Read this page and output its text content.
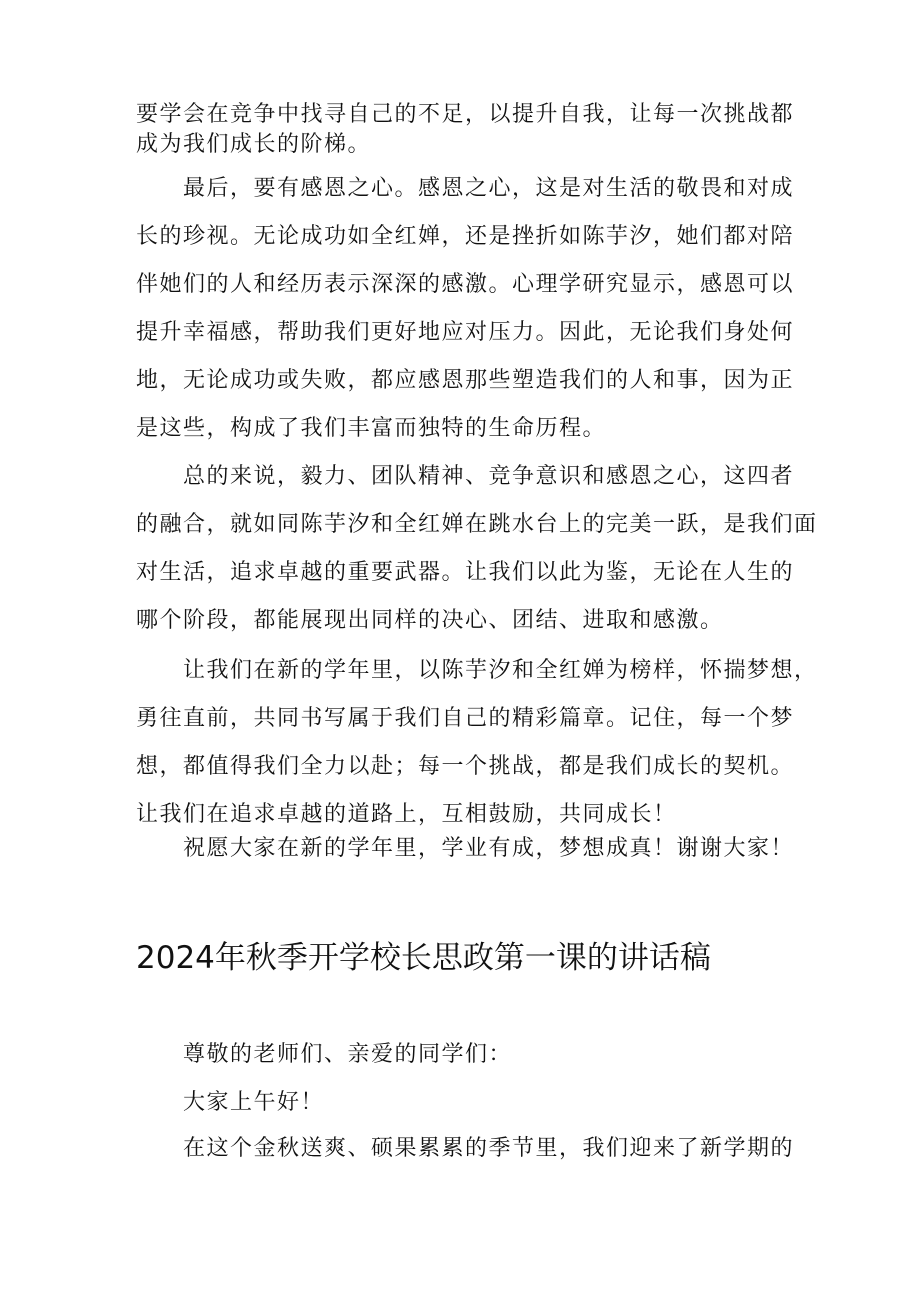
要学会在竞争中找寻自己的不足，以提升自我，让每一次挑战都
成为我们成长的阶梯。
最后，要有感恩之心。感恩之心，这是对生活的敬畏和对成
长的珍视。无论成功如全红婵，还是挫折如陈芋汐，她们都对陪
伴她们的人和经历表示深深的感激。心理学研究显示，感恩可以
提升幸福感，帮助我们更好地应对压力。因此，无论我们身处何
地，无论成功或失败，都应感恩那些塑造我们的人和事，因为正
是这些，构成了我们丰富而独特的生命历程。
总的来说，毅力、团队精神、竞争意识和感恩之心，这四者
的融合，就如同陈芋汐和全红婵在跳水台上的完美一跃，是我们面
对生活，追求卓越的重要武器。让我们以此为鉴，无论在人生的
哪个阶段，都能展现出同样的决心、团结、进取和感激。
让我们在新的学年里，以陈芋汐和全红婵为榜样，怀揣梦想，
勇往直前，共同书写属于我们自己的精彩篇章。记住，每一个梦
想，都值得我们全力以赴；每一个挑战，都是我们成长的契机。
让我们在追求卓越的道路上，互相鼓励，共同成长！
祝愿大家在新的学年里，学业有成，梦想成真！谢谢大家！
2024年秋季开学校长思政第一课的讲话稿
尊敬的老师们、亲爱的同学们：
大家上午好！
在这个金秋送爽、硕果累累的季节里，我们迎来了新学期的
